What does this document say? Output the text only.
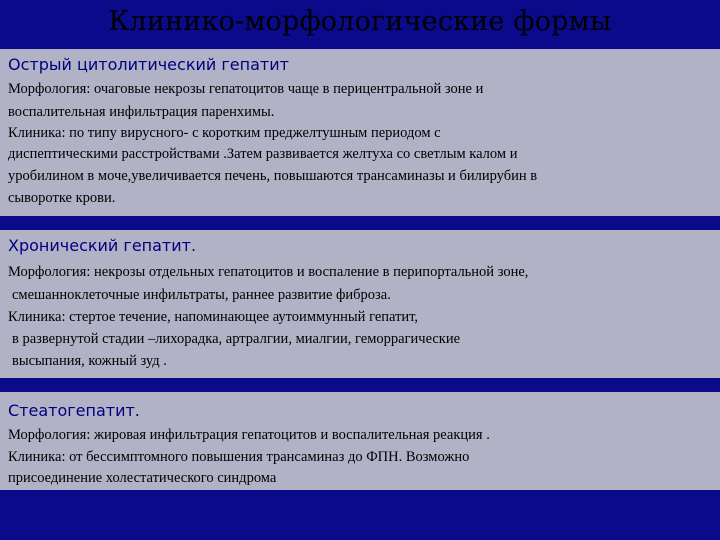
Клинико-морфологические формы
Острый цитолитический гепатит
Морфология: очаговые некрозы гепатоцитов чаще в перицентральной зоне и
воспалительная инфильтрация паренхимы.
Клиника: по типу вирусного- с коротким преджелтушным периодом с
диспептическими расстройствами .Затем развивается желтуха со светлым калом и
уробилином в моче,увеличивается печень, повышаются трансаминазы и билирубин в
сыворотке крови.
Хронический гепатит.
Морфология: некрозы отдельных гепатоцитов и воспаление в перипортальной зоне,
смешанноклеточные инфильтраты, раннее развитие фиброза.
Клиника: стертое течение, напоминающее аутоиммунный гепатит,
в развернутой стадии –лихорадка, артралгии, миалгии, геморрагические
высыпания, кожный зуд .
Стеатогепатит.
Морфология: жировая инфильтрация гепатоцитов и воспалительная реакция .
Клиника: от бессимптомного повышения трансаминаз до ФПН. Возможно
присоединение холестатического синдрома
